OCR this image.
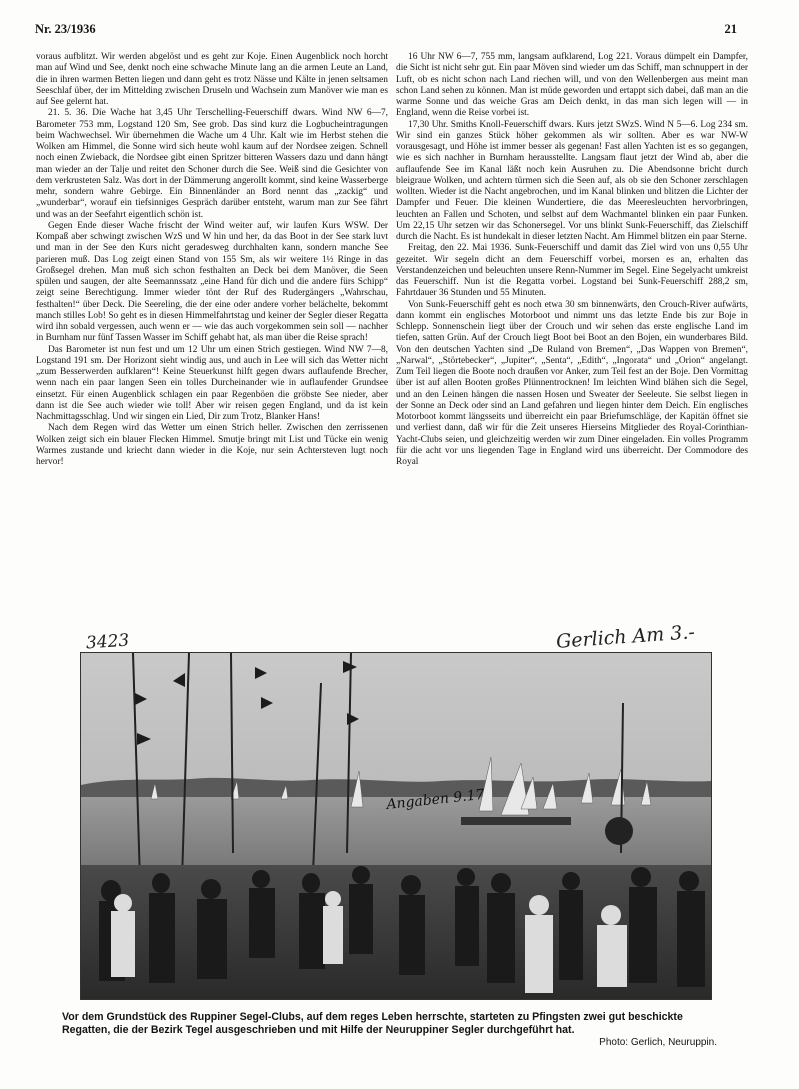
Nr. 23/1936	21

voraus aufblitzt. Wir werden abgelöst und es geht zur Koje. Einen Augenblick noch horcht man auf Wind und See, denkt noch eine schwache Minute lang an die armen Leute an Land, die in ihren warmen Betten liegen und dann geht es trotz Nässe und Kälte in jenen seltsamen Seeschlaf über, der im Mittelding zwischen Druseln und Wachsein zum Manöver wie man es auf See gelernt hat.

21. 5. 36. Die Wache hat 3,45 Uhr Terschelling-Feuerschiff dwars. Wind NW 6—7, Barometer 753 mm, Logstand 120 Sm, See grob. Das sind kurz die Logbucheintragungen beim Wachwechsel. Wir übernehmen die Wache um 4 Uhr. Kalt wie im Herbst stehen die Wolken am Himmel, die Sonne wird sich heute wohl kaum auf der Nordsee zeigen. Schnell noch einen Zwieback, die Nordsee gibt einen Spritzer bitteren Wassers dazu und dann hängt man wieder an der Talje und reitet den Schoner durch die See. Weiß sind die Gesichter von dem verkrusteten Salz. Was dort in der Dämmerung angerollt kommt, sind keine Wasserberge mehr, sondern wahre Gebirge. Ein Binnenländer an Bord nennt das „zackig“ und „wunderbar“, worauf ein tiefsinniges Gespräch darüber entsteht, warum man zur See fährt und was an der Seefahrt eigentlich schön ist.

Gegen Ende dieser Wache frischt der Wind weiter auf, wir laufen Kurs WSW. Der Kompaß aber schwingt zwischen WzS und W hin und her, da das Boot in der See stark luvt und man in der See den Kurs nicht geradesweg durchhalten kann, sondern manche See parieren muß. Das Log zeigt einen Stand von 155 Sm, als wir weitere 1½ Ringe in das Großsegel drehen. Man muß sich schon festhalten an Deck bei dem Manöver, die Seen spülen und saugen, der alte Seemannssatz „eine Hand für dich und die andere fürs Schipp“ zeigt seine Berechtigung. Immer wieder tönt der Ruf des Rudergängers „Wahrschau, festhalten!“ über Deck. Die Seereling, die der eine oder andere vorher belächelte, bekommt manch stilles Lob! So geht es in diesen Himmelfahrtstag und keiner der Segler dieser Regatta wird ihn sobald vergessen, auch wenn er — wie das auch vorgekommen sein soll — nachher in Burnham nur fünf Tassen Wasser im Schiff gehabt hat, als man über die Reise sprach!

Das Barometer ist nun fest und um 12 Uhr um einen Strich gestiegen. Wind NW 7—8, Logstand 191 sm. Der Horizont sieht windig aus, und auch in Lee will sich das Wetter nicht „zum Besserwerden aufklaren“! Keine Steuerkunst hilft gegen dwars auflaufende Brecher, wenn nach ein paar langen Seen ein tolles Durcheinander wie in auflaufender Grundsee einsetzt. Für einen Augenblick schlagen ein paar Regenböen die gröbste See nieder, aber dann ist die See auch wieder wie toll! Aber wir reisen gegen England, und da ist kein Nachmittagsschlag. Und wir singen ein Lied, Dir zum Trotz, Blanker Hans!

Nach dem Regen wird das Wetter um einen Strich heller. Zwischen den zerrissenen Wolken zeigt sich ein blauer Flecken Himmel. Smutje bringt mit List und Tücke ein wenig Warmes zustande und kriecht dann wieder in die Koje, nur sein Achtersteven lugt noch hervor!

16 Uhr NW 6—7, 755 mm, langsam aufklarend, Log 221. Voraus dümpelt ein Dampfer, die Sicht ist nicht sehr gut. Ein paar Möven sind wieder um das Schiff, man schnuppert in der Luft, ob es nicht schon nach Land riechen will, und von den Wellenbergen aus meint man schon Land sehen zu können. Man ist müde geworden und ertappt sich dabei, daß man an die warme Sonne und das weiche Gras am Deich denkt, in das man sich legen will — in England, wenn die Reise vorbei ist.

17,30 Uhr. Smiths Knoll-Feuerschiff dwars. Kurs jetzt SWzS. Wind N 5—6. Log 234 sm. Wir sind ein ganzes Stück höher gekommen als wir sollten. Aber es war NW-W vorausgesagt, und Höhe ist immer besser als gegenan! Fast allen Yachten ist es so gegangen, wie es sich nachher in Burnham herausstellte. Langsam flaut jetzt der Wind ab, aber die auflaufende See im Kanal läßt noch kein Ausruhen zu. Die Abendsonne bricht durch bleigraue Wolken, und achtern türmen sich die Seen auf, als ob sie den Schoner zerschlagen wollten. Wieder ist die Nacht angebrochen, und im Kanal blinken und blitzen die Lichter der Dampfer und Feuer. Die kleinen Wundertiere, die das Meeresleuchten hervorbringen, leuchten an Fallen und Schoten, und selbst auf dem Wachmantel blinken ein paar Funken. Um 22,15 Uhr setzen wir das Schonersegel. Vor uns blinkt Sunk-Feuerschiff, das Zielschiff durch die Nacht. Es ist hundekalt in dieser letzten Nacht. Am Himmel blitzen ein paar Sterne.

Freitag, den 22. Mai 1936. Sunk-Feuerschiff und damit das Ziel wird von uns 0,55 Uhr gezeitet. Wir segeln dicht an dem Feuerschiff vorbei, morsen es an, erhalten das Verstandenzeichen und beleuchten unsere Renn-Nummer im Segel. Eine Segelyacht umkreist das Feuerschiff. Nun ist die Regatta vorbei. Logstand bei Sunk-Feuerschiff 288,2 sm, Fahrtdauer 36 Stunden und 55 Minuten.

Von Sunk-Feuerschiff geht es noch etwa 30 sm binnenwärts, den Crouch-River aufwärts, dann kommt ein englisches Motorboot und nimmt uns das letzte Ende bis zur Boje in Schlepp. Sonnenschein liegt über der Crouch und wir sehen das erste englische Land im tiefen, satten Grün. Auf der Crouch liegt Boot bei Boot an den Bojen, ein wunderbares Bild. Von den deutschen Yachten sind „De Ruland von Bremen“, „Das Wappen von Bremen“, „Narwal“, „Störtebecker“, „Jupiter“, „Senta“, „Edith“, „Ingorata“ und „Orion“ angelangt. Zum Teil liegen die Boote noch draußen vor Anker, zum Teil fest an der Boje. Den Vormittag über ist auf allen Booten großes Plünnentrocknen! Im leichten Wind blähen sich die Segel, und an den Leinen hängen die nassen Hosen und Sweater der Seeleute. Sie selbst liegen in der Sonne an Deck oder sind an Land gefahren und liegen hinter dem Deich. Ein englisches Motorboot kommt längsseits und überreicht ein paar Briefumschläge, der Kapitän öffnet sie und verliest dann, daß wir für die Zeit unseres Hierseins Mitglieder des Royal-Corinthian-Yacht-Clubs seien, und gleichzeitig werden wir zum Diner eingeladen. Ein volles Programm für die acht vor uns liegenden Tage in England wird uns überreicht. Der Commodore des Royal

3423	Gerlich Am 3.-
Angaben 9.17
Vor dem Grundstück des Ruppiner Segel-Clubs, auf dem reges Leben herrschte, starteten zu Pfingsten zwei gut beschickte Regatten, die der Bezirk Tegel ausgeschrieben und mit Hilfe der Neuruppiner Segler durchgeführt hat.
Photo: Gerlich, Neuruppin.
